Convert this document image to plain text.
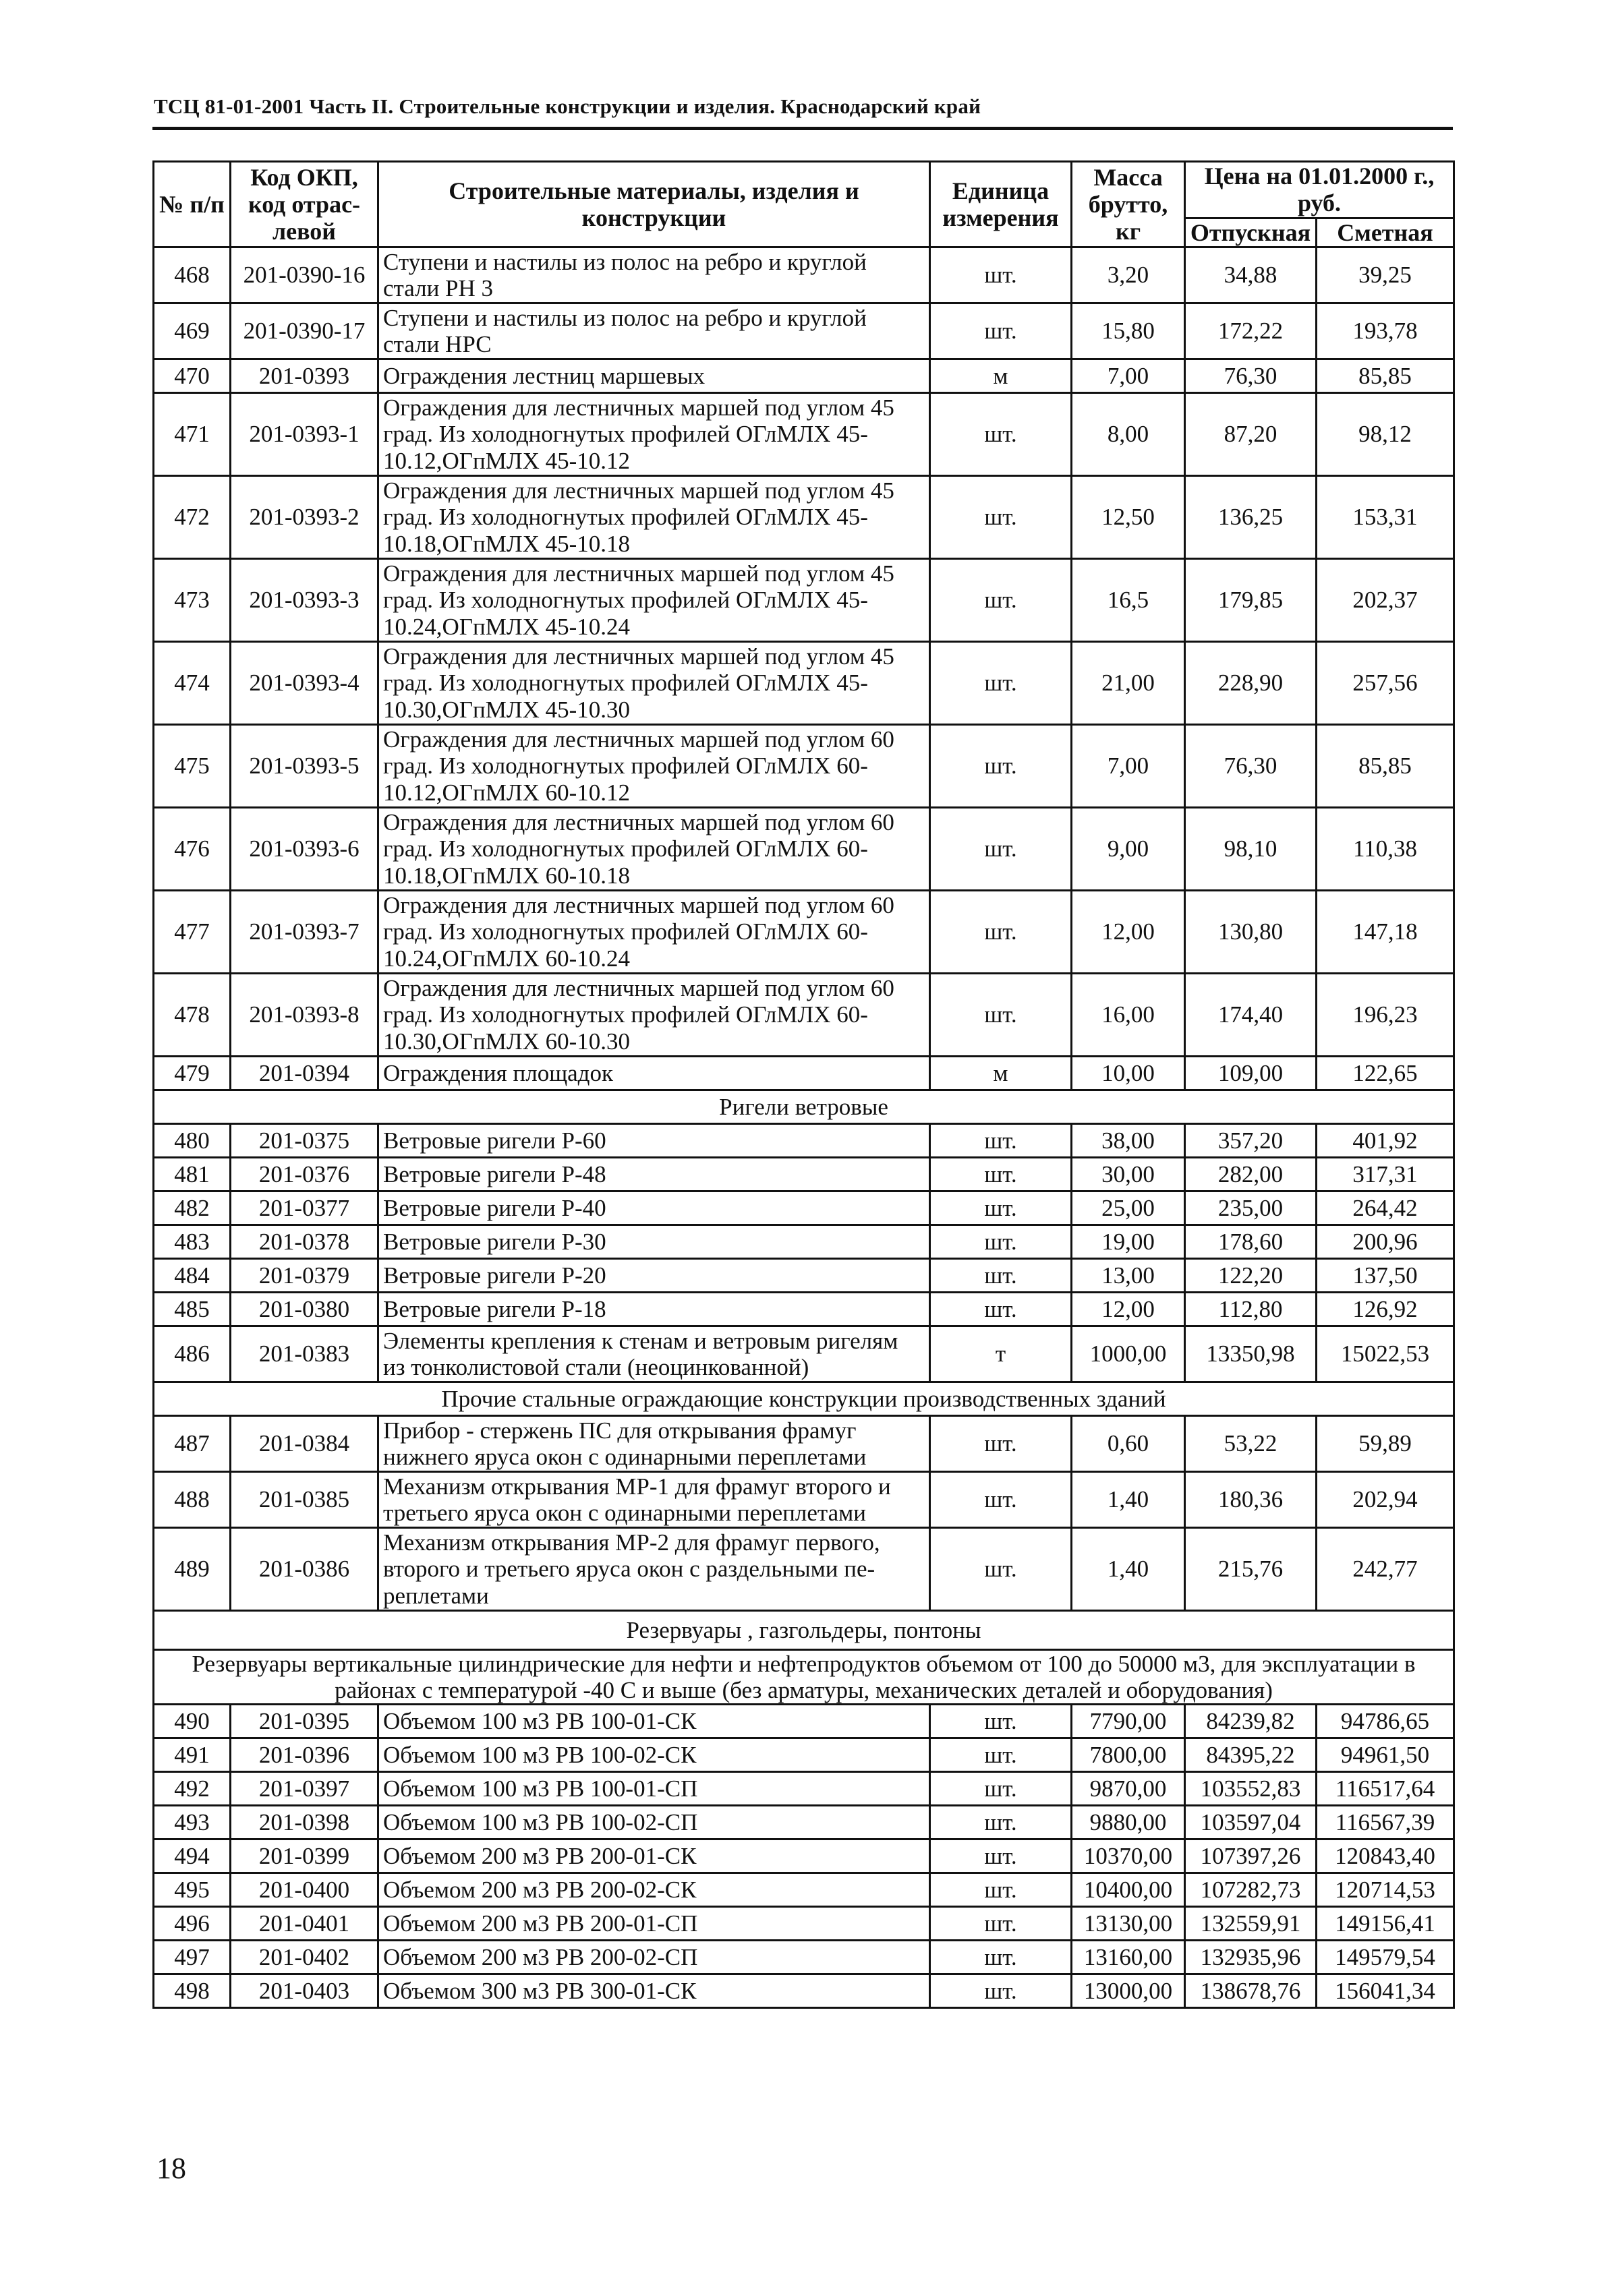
ТСЦ 81-01-2001 Часть II. Строительные конструкции и изделия. Краснодарский край
№ п/п	Код ОКП, код отрас-левой	Строительные материалы, изделия и конструкции	Единица измерения	Масса брутто, кг	Цена на 01.01.2000 г., руб.	
					Отпускная	Сметная
468	201-0390-16	Ступени и настилы из полос на ребро и круглой стали РН 3	шт.	3,20	34,88	39,25
469	201-0390-17	Ступени и настилы из полос на ребро и круглой стали НРС	шт.	15,80	172,22	193,78
470	201-0393	Ограждения лестниц маршевых	м	7,00	76,30	85,85
471	201-0393-1	Ограждения для лестничных маршей под углом 45 град. Из холодногнутых профилей ОГлМЛХ 45-10.12,ОГпМЛХ 45-10.12	шт.	8,00	87,20	98,12
472	201-0393-2	Ограждения для лестничных маршей под углом 45 град. Из холодногнутых профилей ОГлМЛХ 45-10.18,ОГпМЛХ 45-10.18	шт.	12,50	136,25	153,31
473	201-0393-3	Ограждения для лестничных маршей под углом 45 град. Из холодногнутых профилей ОГлМЛХ 45-10.24,ОГпМЛХ 45-10.24	шт.	16,5	179,85	202,37
474	201-0393-4	Ограждения для лестничных маршей под углом 45 град. Из холодногнутых профилей ОГлМЛХ 45-10.30,ОГпМЛХ 45-10.30	шт.	21,00	228,90	257,56
475	201-0393-5	Ограждения для лестничных маршей под углом 60 град. Из холодногнутых профилей ОГлМЛХ 60-10.12,ОГпМЛХ 60-10.12	шт.	7,00	76,30	85,85
476	201-0393-6	Ограждения для лестничных маршей под углом 60 град. Из холодногнутых профилей ОГлМЛХ 60-10.18,ОГпМЛХ 60-10.18	шт.	9,00	98,10	110,38
477	201-0393-7	Ограждения для лестничных маршей под углом 60 град. Из холодногнутых профилей ОГлМЛХ 60-10.24,ОГпМЛХ 60-10.24	шт.	12,00	130,80	147,18
478	201-0393-8	Ограждения для лестничных маршей под углом 60 град. Из холодногнутых профилей ОГлМЛХ 60-10.30,ОГпМЛХ 60-10.30	шт.	16,00	174,40	196,23
479	201-0394	Ограждения площадок	м	10,00	109,00	122,65
Ригели ветровые						
480	201-0375	Ветровые ригели Р-60	шт.	38,00	357,20	401,92
481	201-0376	Ветровые ригели Р-48	шт.	30,00	282,00	317,31
482	201-0377	Ветровые ригели Р-40	шт.	25,00	235,00	264,42
483	201-0378	Ветровые ригели Р-30	шт.	19,00	178,60	200,96
484	201-0379	Ветровые ригели Р-20	шт.	13,00	122,20	137,50
485	201-0380	Ветровые ригели Р-18	шт.	12,00	112,80	126,92
486	201-0383	Элементы крепления к стенам и ветровым ригелям из тонколистовой стали (неоцинкованной)	т	1000,00	13350,98	15022,53
Прочие стальные ограждающие конструкции производственных зданий						
487	201-0384	Прибор - стержень ПС для открывания фрамуг нижнего яруса окон с одинарными переплетами	шт.	0,60	53,22	59,89
488	201-0385	Механизм открывания МР-1 для фрамуг второго и третьего яруса окон с одинарными переплетами	шт.	1,40	180,36	202,94
489	201-0386	Механизм открывания МР-2 для фрамуг первого, второго и третьего яруса окон с раздельными пе-реплетами	шт.	1,40	215,76	242,77
Резервуары , газгольдеры, понтоны						
Резервуары вертикальные цилиндрические для нефти и нефтепродуктов объемом от 100 до 50000 м3, для эксплуатации в районах с температурой -40 С и выше (без арматуры, механических деталей и оборудования)						
490	201-0395	Объемом 100 м3 РВ 100-01-СК	шт.	7790,00	84239,82	94786,65
491	201-0396	Объемом 100 м3 РВ 100-02-СК	шт.	7800,00	84395,22	94961,50
492	201-0397	Объемом 100 м3 РВ 100-01-СП	шт.	9870,00	103552,83	116517,64
493	201-0398	Объемом 100 м3 РВ 100-02-СП	шт.	9880,00	103597,04	116567,39
494	201-0399	Объемом 200 м3 РВ 200-01-СК	шт.	10370,00	107397,26	120843,40
495	201-0400	Объемом 200 м3 РВ 200-02-СК	шт.	10400,00	107282,73	120714,53
496	201-0401	Объемом 200 м3 РВ 200-01-СП	шт.	13130,00	132559,91	149156,41
497	201-0402	Объемом 200 м3 РВ 200-02-СП	шт.	13160,00	132935,96	149579,54
498	201-0403	Объемом 300 м3 РВ 300-01-СК	шт.	13000,00	138678,76	156041,34
18
